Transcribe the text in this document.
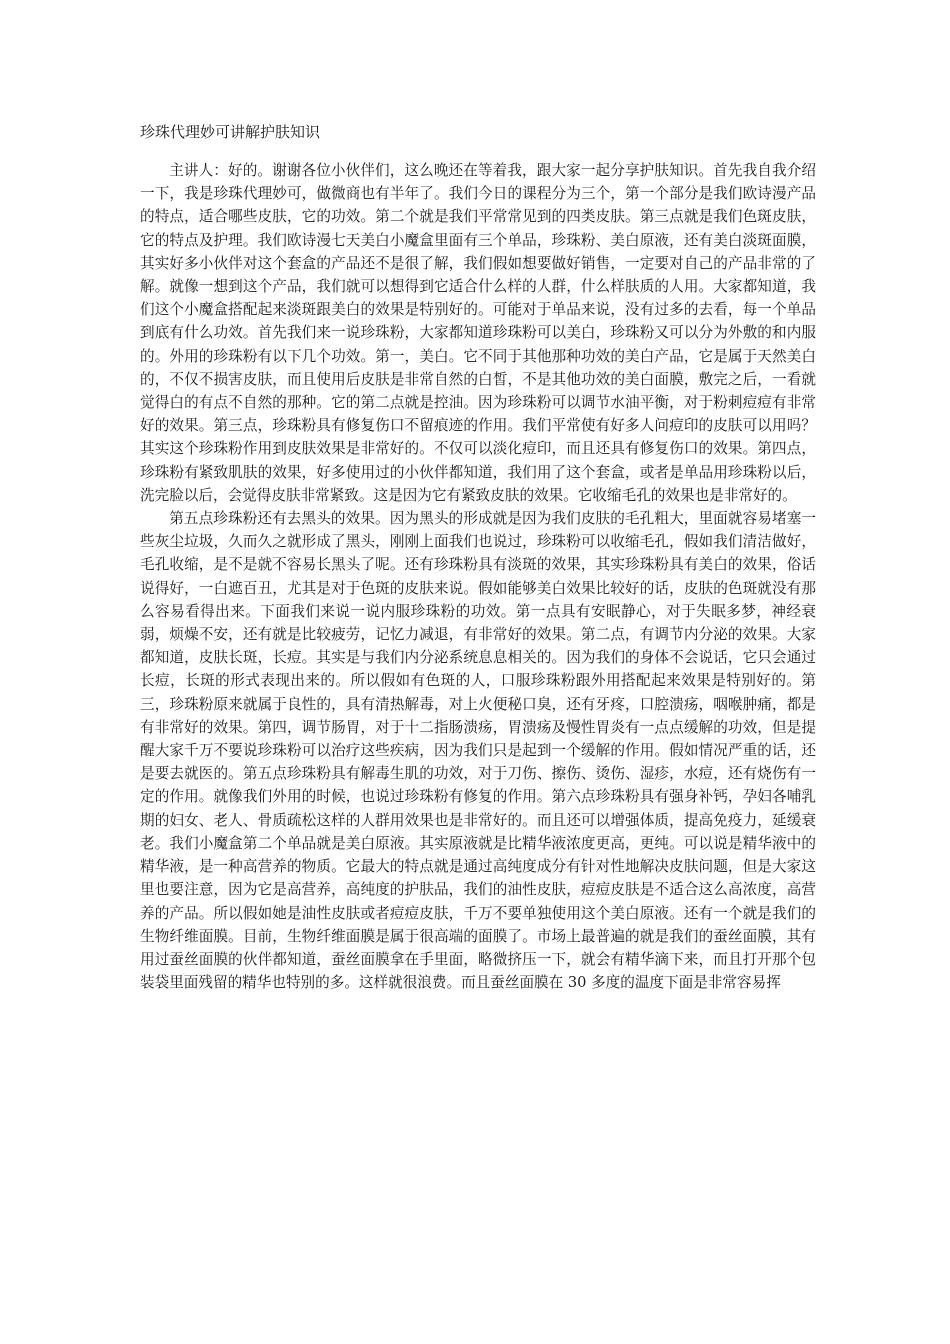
珍珠代理妙可讲解护肤知识

主讲人：好的。谢谢各位小伙伴们，这么晚还在等着我，跟大家一起分享护肤知识。首先我自我介绍一下，我是珍珠代理妙可，做微商也有半年了。我们今日的课程分为三个，第一个部分是我们欧诗漫产品的特点，适合哪些皮肤，它的功效。第二个就是我们平常常见到的四类皮肤。第三点就是我们色斑皮肤，它的特点及护理。我们欧诗漫七天美白小魔盒里面有三个单品，珍珠粉、美白原液，还有美白淡斑面膜，其实好多小伙伴对这个套盒的产品还不是很了解，我们假如想要做好销售，一定要对自己的产品非常的了解。就像一想到这个产品，我们就可以想得到它适合什么样的人群，什么样肤质的人用。大家都知道，我们这个小魔盒搭配起来淡斑跟美白的效果是特别好的。可能对于单品来说，没有过多的去看，每一个单品到底有什么功效。首先我们来一说珍珠粉，大家都知道珍珠粉可以美白，珍珠粉又可以分为外敷的和内服的。外用的珍珠粉有以下几个功效。第一，美白。它不同于其他那种功效的美白产品，它是属于天然美白的，不仅不损害皮肤，而且使用后皮肤是非常自然的白皙，不是其他功效的美白面膜，敷完之后，一看就觉得白的有点不自然的那种。它的第二点就是控油。因为珍珠粉可以调节水油平衡，对于粉刺痘痘有非常好的效果。第三点，珍珠粉具有修复伤口不留痕迹的作用。我们平常使有好多人问痘印的皮肤可以用吗？其实这个珍珠粉作用到皮肤效果是非常好的。不仅可以淡化痘印，而且还具有修复伤口的效果。第四点，珍珠粉有紧致肌肤的效果，好多使用过的小伙伴都知道，我们用了这个套盒，或者是单品用珍珠粉以后，洗完脸以后，会觉得皮肤非常紧致。这是因为它有紧致皮肤的效果。它收缩毛孔的效果也是非常好的。

第五点珍珠粉还有去黑头的效果。因为黑头的形成就是因为我们皮肤的毛孔粗大，里面就容易堵塞一些灰尘垃圾，久而久之就形成了黑头，刚刚上面我们也说过，珍珠粉可以收缩毛孔，假如我们清洁做好，毛孔收缩，是不是就不容易长黑头了呢。还有珍珠粉具有淡斑的效果，其实珍珠粉具有美白的效果，俗话说得好，一白遮百丑，尤其是对于色斑的皮肤来说。假如能够美白效果比较好的话，皮肤的色斑就没有那么容易看得出来。下面我们来说一说内服珍珠粉的功效。第一点具有安眠静心，对于失眠多梦，神经衰弱，烦燥不安，还有就是比较疲劳，记忆力减退，有非常好的效果。第二点，有调节内分泌的效果。大家都知道，皮肤长斑，长痘。其实是与我们内分泌系统息息相关的。因为我们的身体不会说话，它只会通过长痘，长斑的形式表现出来的。所以假如有色斑的人，口服珍珠粉跟外用搭配起来效果是特别好的。第三，珍珠粉原来就属于良性的，具有清热解毒，对上火便秘口臭，还有牙疼，口腔溃疡，咽喉肿痛，都是有非常好的效果。第四，调节肠胃，对于十二指肠溃疡，胃溃疡及慢性胃炎有一点点缓解的功效，但是提醒大家千万不要说珍珠粉可以治疗这些疾病，因为我们只是起到一个缓解的作用。假如情况严重的话，还是要去就医的。第五点珍珠粉具有解毒生肌的功效，对于刀伤、擦伤、烫伤、湿疹，水痘，还有烧伤有一定的作用。就像我们外用的时候，也说过珍珠粉有修复的作用。第六点珍珠粉具有强身补钙，孕妇各哺乳期的妇女、老人、骨质疏松这样的人群用效果也是非常好的。而且还可以增强体质，提高免疫力，延缓衰老。我们小魔盒第二个单品就是美白原液。其实原液就是比精华液浓度更高，更纯。可以说是精华液中的精华液，是一种高营养的物质。它最大的特点就是通过高纯度成分有针对性地解决皮肤问题，但是大家这里也要注意，因为它是高营养，高纯度的护肤品，我们的油性皮肤，痘痘皮肤是不适合这么高浓度，高营养的产品。所以假如她是油性皮肤或者痘痘皮肤，千万不要单独使用这个美白原液。还有一个就是我们的生物纤维面膜。目前，生物纤维面膜是属于很高端的面膜了。市场上最普遍的就是我们的蚕丝面膜，其有用过蚕丝面膜的伙伴都知道，蚕丝面膜拿在手里面，略微挤压一下，就会有精华滴下来，而且打开那个包装袋里面残留的精华也特别的多。这样就很浪费。而且蚕丝面膜在 30 多度的温度下面是非常容易挥
